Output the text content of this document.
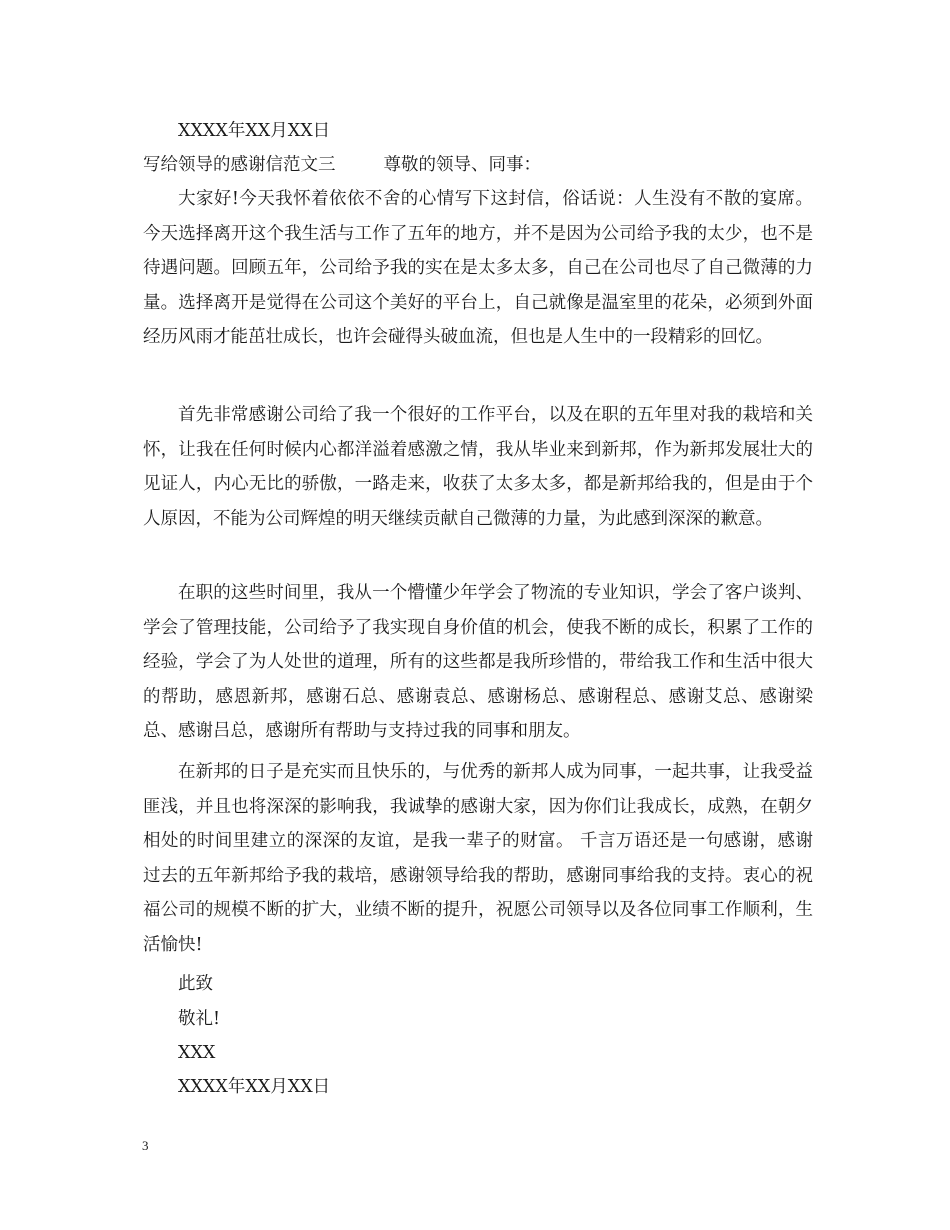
XXXX年XX月XX日
写给领导的感谢信范文三	尊敬的领导、同事：
大家好!今天我怀着依依不舍的心情写下这封信，俗话说：人生没有不散的宴席。今天选择离开这个我生活与工作了五年的地方，并不是因为公司给予我的太少，也不是待遇问题。回顾五年，公司给予我的实在是太多太多，自己在公司也尽了自己微薄的力量。选择离开是觉得在公司这个美好的平台上，自己就像是温室里的花朵，必须到外面经历风雨才能茁壮成长，也许会碰得头破血流，但也是人生中的一段精彩的回忆。
首先非常感谢公司给了我一个很好的工作平台，以及在职的五年里对我的栽培和关怀，让我在任何时候内心都洋溢着感激之情，我从毕业来到新邦，作为新邦发展壮大的见证人，内心无比的骄傲，一路走来，收获了太多太多，都是新邦给我的，但是由于个人原因，不能为公司辉煌的明天继续贡献自己微薄的力量，为此感到深深的歉意。
在职的这些时间里，我从一个懵懂少年学会了物流的专业知识，学会了客户谈判、学会了管理技能，公司给予了我实现自身价值的机会，使我不断的成长，积累了工作的经验，学会了为人处世的道理，所有的这些都是我所珍惜的，带给我工作和生活中很大的帮助，感恩新邦，感谢石总、感谢袁总、感谢杨总、感谢程总、感谢艾总、感谢梁总、感谢吕总，感谢所有帮助与支持过我的同事和朋友。
在新邦的日子是充实而且快乐的，与优秀的新邦人成为同事，一起共事，让我受益匪浅，并且也将深深的影响我，我诚挚的感谢大家，因为你们让我成长，成熟，在朝夕相处的时间里建立的深深的友谊，是我一辈子的财富。 千言万语还是一句感谢，感谢过去的五年新邦给予我的栽培，感谢领导给我的帮助，感谢同事给我的支持。衷心的祝福公司的规模不断的扩大，业绩不断的提升，祝愿公司领导以及各位同事工作顺利，生活愉快!
此致
敬礼!
XXX
XXXX年XX月XX日
3
